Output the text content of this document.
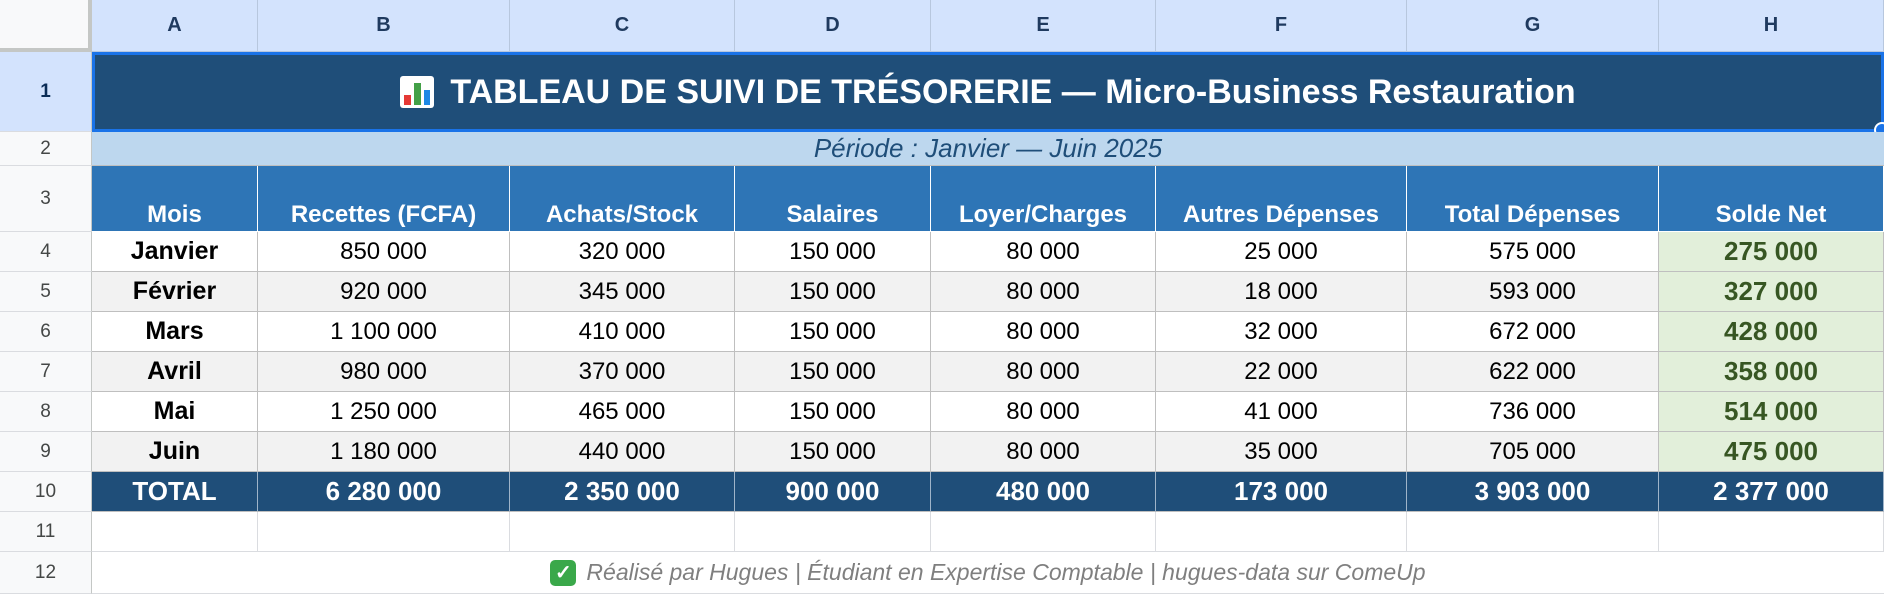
A	B	C	D	E	F	G	H
1	TABLEAU DE SUIVI DE TRÉSORERIE — Micro-Business Restauration
2	Période : Janvier — Juin 2025
3
Mois	Recettes (FCFA)	Achats/Stock	Salaires	Loyer/Charges	Autres Dépenses	Total Dépenses	Solde Net
4	Janvier	850 000	320 000	150 000	80 000	25 000	575 000	275 000
5	Février	920 000	345 000	150 000	80 000	18 000	593 000	327 000
6	Mars	1 100 000	410 000	150 000	80 000	32 000	672 000	428 000
7	Avril	980 000	370 000	150 000	80 000	22 000	622 000	358 000
8	Mai	1 250 000	465 000	150 000	80 000	41 000	736 000	514 000
9	Juin	1 180 000	440 000	150 000	80 000	35 000	705 000	475 000
10	TOTAL	6 280 000	2 350 000	900 000	480 000	173 000	3 903 000	2 377 000
11
12	✓ Réalisé par Hugues | Étudiant en Expertise Comptable | hugues-data sur ComeUp
